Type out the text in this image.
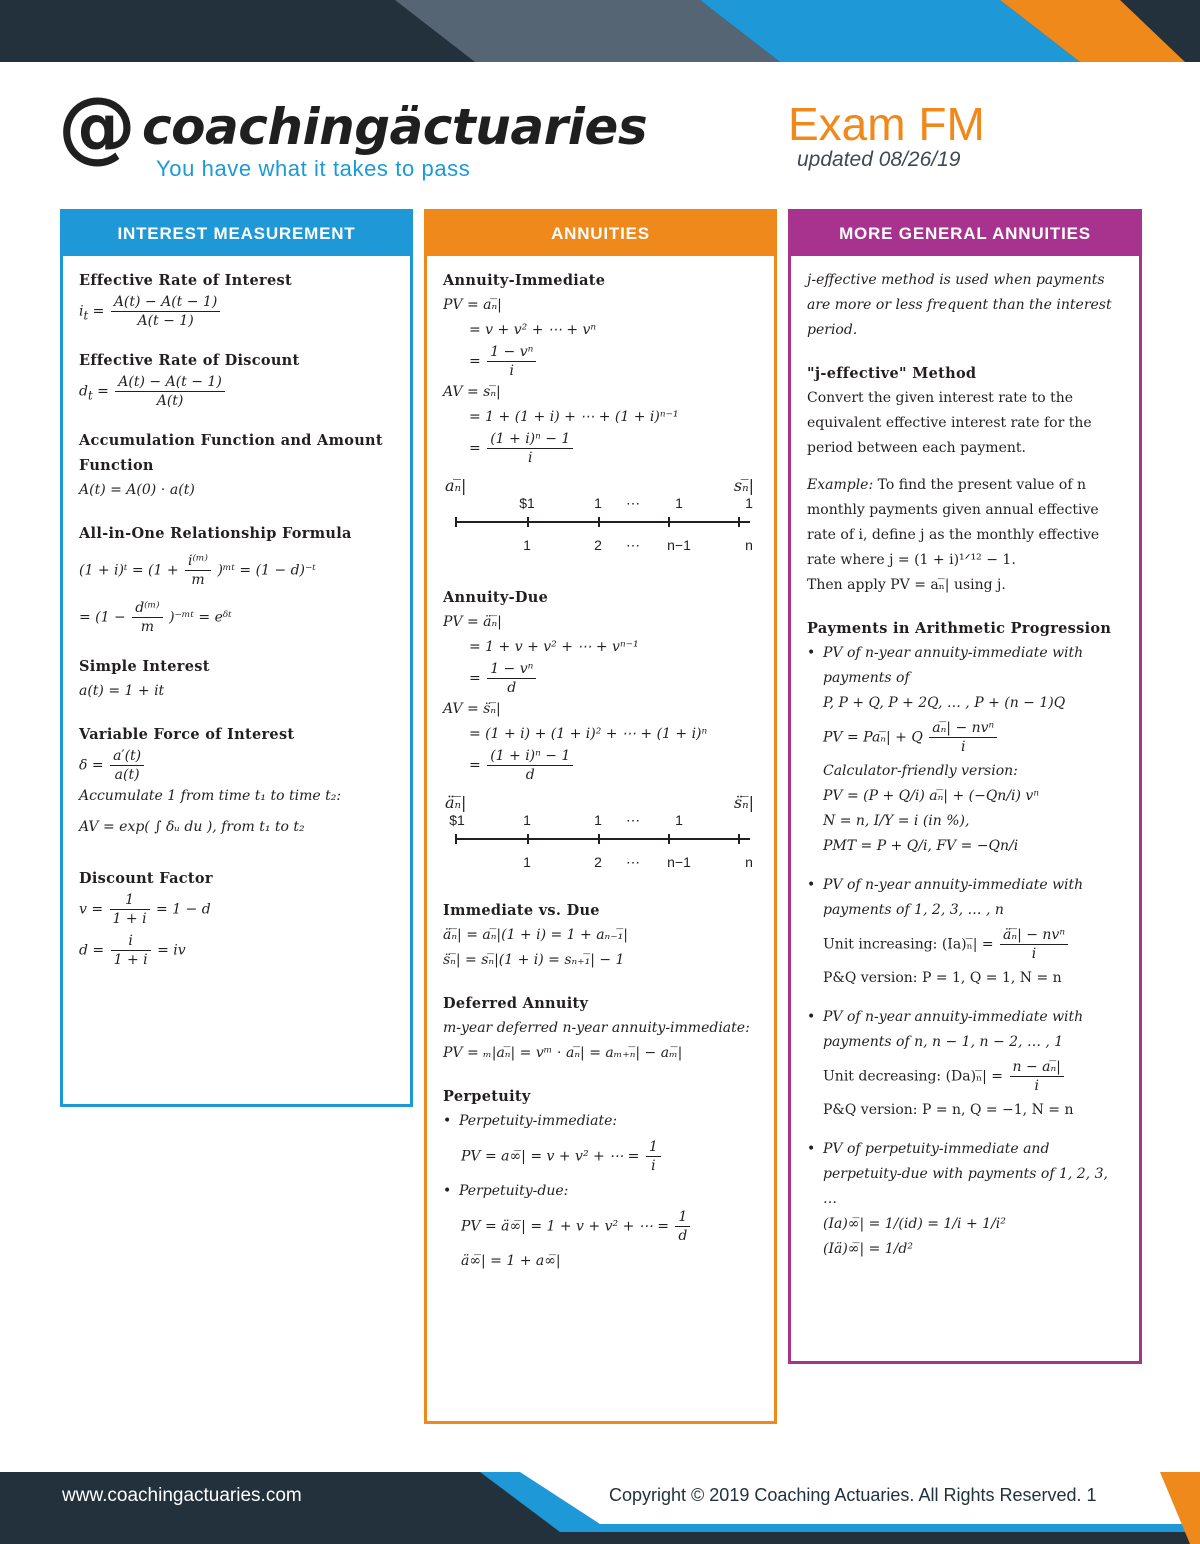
@ coachingäctuaries
You have what it takes to pass
Exam FM
updated 08/26/19
INTEREST MEASUREMENT
Effective Rate of Interest
$i_t = \frac{A(t) - A(t - 1)}{A(t - 1)}$
Effective Rate of Discount
$d_t = \frac{A(t) - A(t - 1)}{A(t)}$
Accumulation Function and Amount Function
A(t) = A(0) ⋅ a(t)
All-in-One Relationship Formula
(1 + i)ᵗ = ($1 + \frac{\text{i⁽ᵐ⁾}}{m}$ )ᵐᵗ = (1 − d)⁻ᵗ
= ($1 - \frac{\text{d⁽ᵐ⁾}}{m}$ )⁻ᵐᵗ = eᵟᵗ
Simple Interest
a(t) = 1 + it
Variable Force of Interest
$\delta = \frac{a'(t)}{a(t)}$
Accumulate 1 from time t₁ to time t₂:
AV = exp( ∫ δᵤ du ), from t₁ to t₂
Discount Factor
$v = \frac{1}{1 + i} = 1 - d$
$d = \frac{i}{1 + i}$ = iv
ANNUITIES
Annuity-Immediate
PV = aₙ̅|
= v + v² + ⋯ + vⁿ
= $\frac{\text{1 − vⁿ}}{i}$
AV = sₙ̅|
= 1 + (1 + i) + ⋯ + (1 + i)ⁿ⁻¹
= $\frac{\text{(1 + i)ⁿ − 1}}{i}$
aₙ̅|	sₙ̅|
$1	1 ⋯	1	1
1	2 ⋯ n−1	n
Annuity-Due
PV = äₙ̅|
= 1 + v + v² + ⋯ + vⁿ⁻¹
= $\frac{\text{1 − vⁿ}}{d}$
AV = s̈ₙ̅|
= (1 + i) + (1 + i)² + ⋯ + (1 + i)ⁿ
= $\frac{\text{(1 + i)ⁿ − 1}}{d}$
äₙ̅|	s̈ₙ̅|
$1	1	1 ⋯	1
1	2 ⋯ n−1	n
Immediate vs. Due
äₙ̅| = aₙ̅|(1 + i) = 1 + aₙ₋₁̅|
s̈ₙ̅| = sₙ̅|(1 + i) = sₙ₊₁̅| − 1
Deferred Annuity
m-year deferred n-year annuity-immediate:
PV = ₘ|aₙ̅| = vᵐ ⋅ aₙ̅| = aₘ₊ₙ̅| − aₘ̅|
Perpetuity
• Perpetuity-immediate:
PV = a∞̅| = v + v² + ⋯ = $\frac{1}{i}$
• Perpetuity-due:
PV = ä∞̅| = 1 + v + v² + ⋯ = $\frac{1}{d}$
ä∞̅| = 1 + a∞̅|
MORE GENERAL ANNUITIES
j-effective method is used when payments are more or less frequent than the interest period.
"j-effective" Method
Convert the given interest rate to the equivalent effective interest rate for the period between each payment.
Example: To find the present value of n monthly payments given annual effective rate of i, define j as the monthly effective rate where j = (1 + i)¹ᐟ¹² − 1.
Then apply PV = aₙ̅| using j.
Payments in Arithmetic Progression
• PV of n-year annuity-immediate with payments of
P, P + Q, P + 2Q, … , P + (n − 1)Q
PV = Paₙ̅| + Q $\frac{\text{aₙ̅| − nvⁿ}}{i}$
Calculator-friendly version:
PV = (P + Q/i) aₙ̅| + (−Qn/i) vⁿ
N = n, I/Y = i (in %),
PMT = P + Q/i, FV = −Qn/i
• PV of n-year annuity-immediate with payments of 1, 2, 3, … , n
Unit increasing: (Ia)ₙ̅| = $\frac{\text{äₙ̅| − nvⁿ}}{i}$
P&Q version: P = 1, Q = 1, N = n
• PV of n-year annuity-immediate with payments of n, n − 1, n − 2, … , 1
Unit decreasing: (Da)ₙ̅| = $\frac{\text{n − aₙ̅|}}{i}$
P&Q version: P = n, Q = −1, N = n
• PV of perpetuity-immediate and perpetuity-due with payments of 1, 2, 3, …
(Ia)∞̅| = 1/(id) = 1/i + 1/i²
(Iä)∞̅| = 1/d²
www.coachingactuaries.com	Copyright © 2019 Coaching Actuaries. All Rights Reserved. 1
